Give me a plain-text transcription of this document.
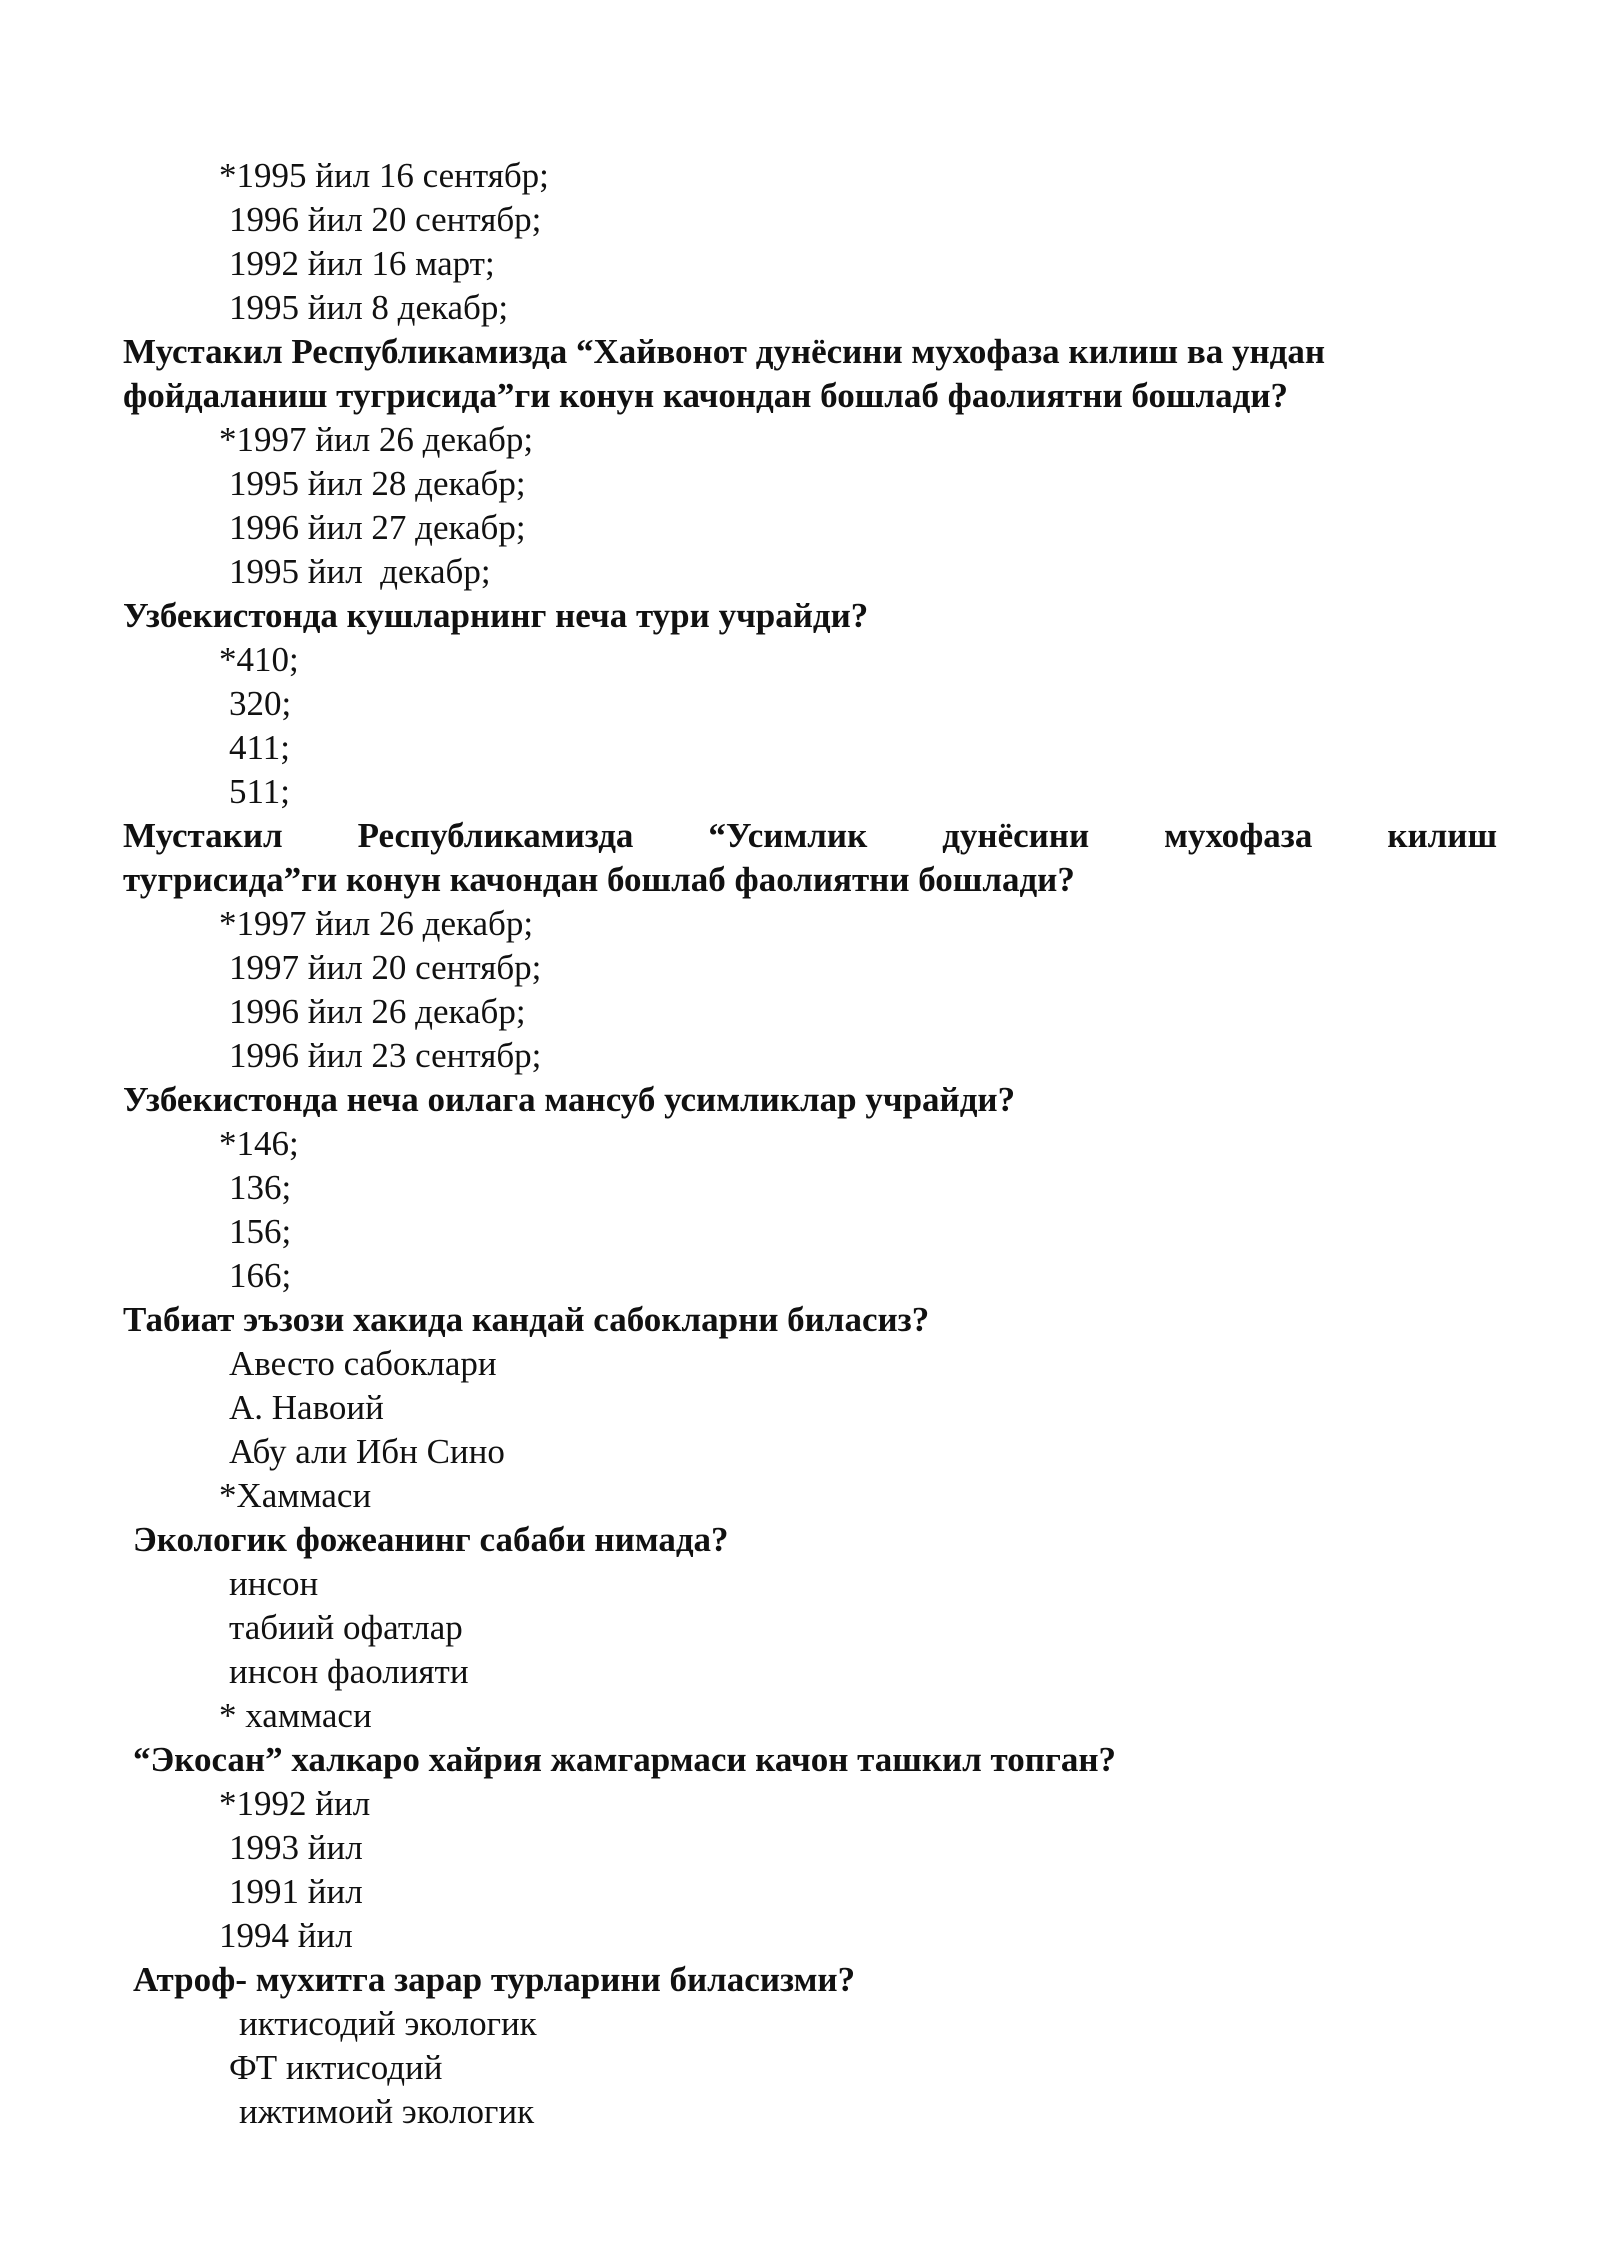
*1995 йил 16 сентябр;
1996 йил 20 сентябр;
1992 йил 16 март;
1995 йил 8 декабр;
Мустакил Республикамизда “Хайвонот дунёсини мухофаза килиш ва ундан
фойдаланиш тугрисида”ги конун качондан бошлаб фаолиятни бошлади?
*1997 йил 26 декабр;
1995 йил 28 декабр;
1996 йил 27 декабр;
1995 йил  декабр;
Узбекистонда кушларнинг неча тури учрайди?
*410;
320;
411;
511;
Мустакил Республикамизда “Усимлик дунёсини мухофаза килиш
тугрисида”ги конун качондан бошлаб фаолиятни бошлади?
*1997 йил 26 декабр;
1997 йил 20 сентябр;
1996 йил 26 декабр;
1996 йил 23 сентябр;
Узбекистонда неча оилага мансуб усимликлар учрайди?
*146;
136;
156;
166;
Табиат эъзози хакида кандай сабокларни биласиз?
Авесто сабоклари
А. Навоий
Абу али Ибн Сино
*Хаммаси
Экологик фожеанинг сабаби нимада?
инсон
табиий офатлар
инсон фаолияти
* хаммаси
“Экосан” халкаро хайрия жамгармаси качон ташкил топган?
*1992 йил
1993 йил
1991 йил
1994 йил
Атроф- мухитга зарар турларини биласизми?
иктисодий экологик
ФТ иктисодий
ижтимоий экологик
